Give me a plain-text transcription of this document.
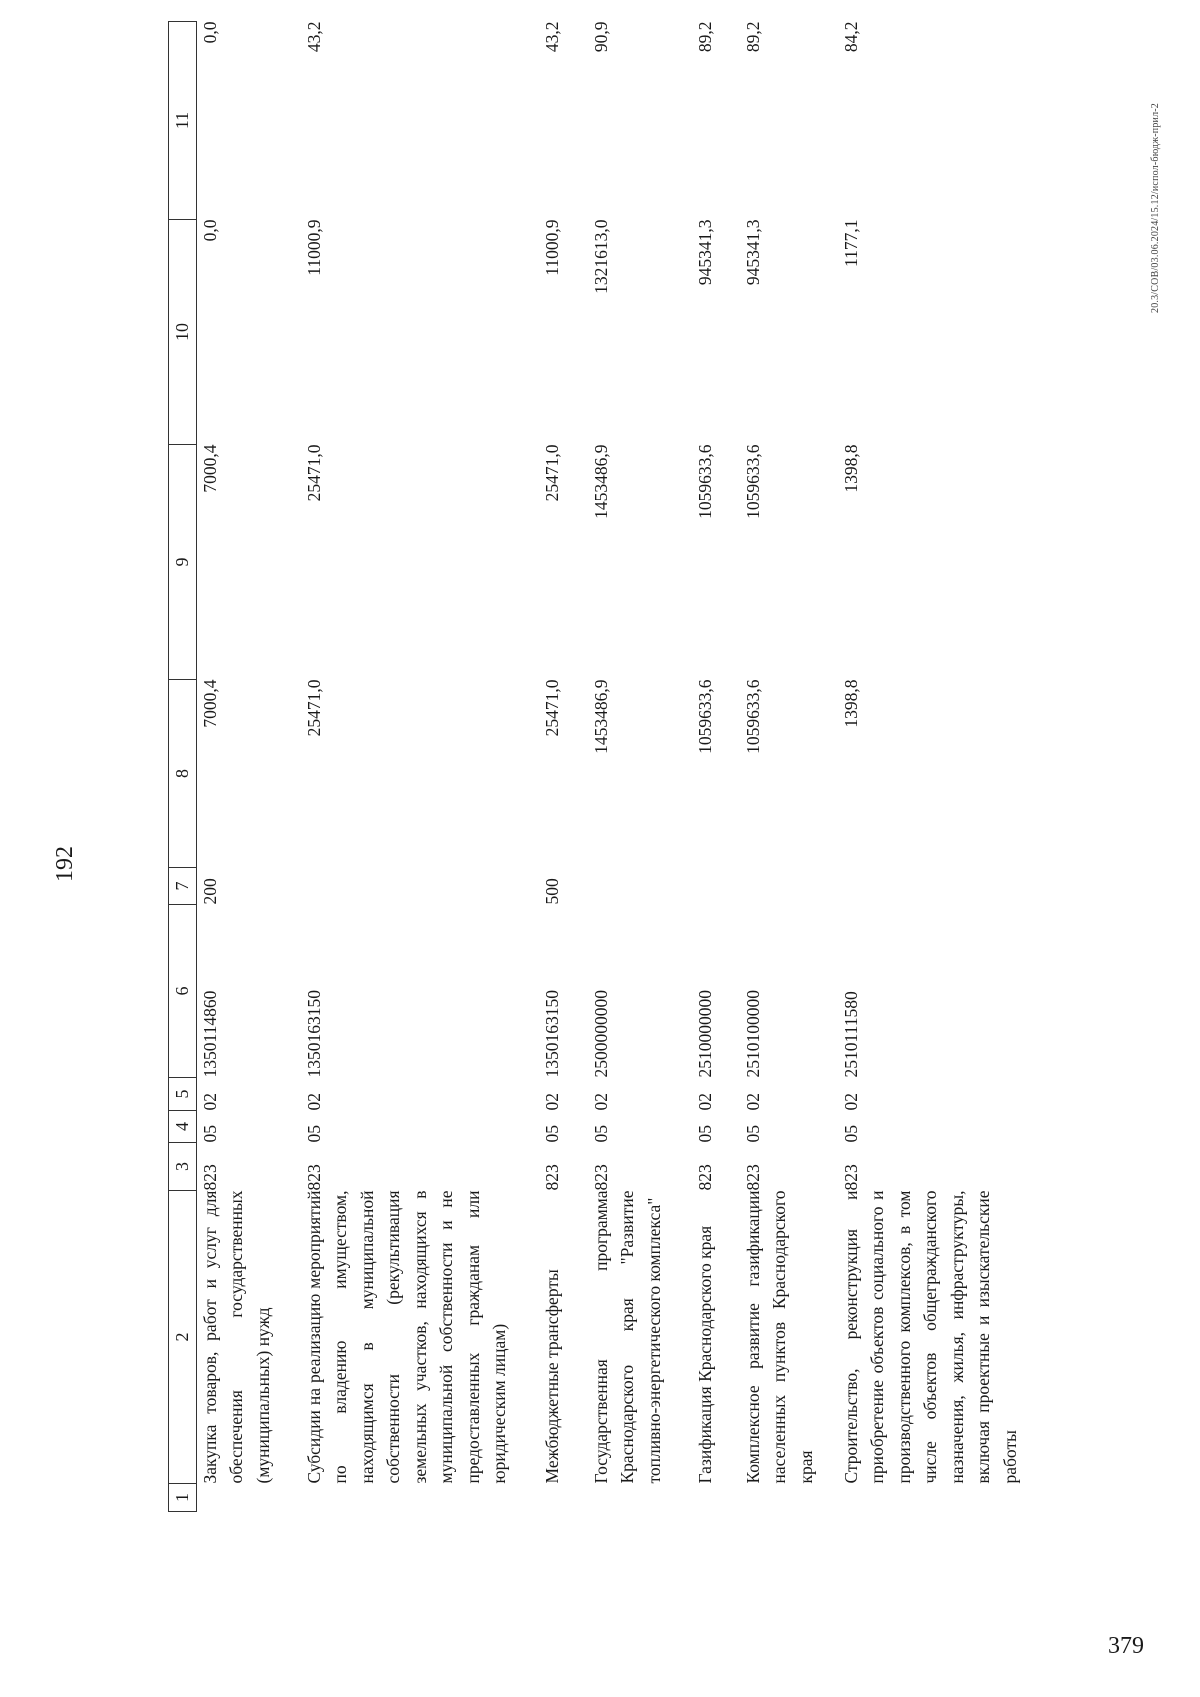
192
1	2	3	4	5	6	7	8	9	10	11
	Закупка товаров, работ и услуг для обеспечения государственных (муниципальных) нужд	823	05	02	1350114860	200	7000,4	7000,4	0,0	0,0
	Субсидии на реализацию мероприятий по владению имуществом, находящимся в муниципальной собственности (рекультивация земельных участков, находящихся в муниципальной собственности и не предоставленных гражданам или юридическим лицам)	823	05	02	1350163150		25471,0	25471,0	11000,9	43,2
	Межбюджетные трансферты	823	05	02	1350163150	500	25471,0	25471,0	11000,9	43,2
	Государственная программа Краснодарского края "Развитие топливно-энергетического комплекса"	823	05	02	2500000000		1453486,9	1453486,9	1321613,0	90,9
	Газификация Краснодарского края	823	05	02	2510000000		1059633,6	1059633,6	945341,3	89,2
	Комплексное развитие газификации населенных пунктов Краснодарского края	823	05	02	2510100000		1059633,6	1059633,6	945341,3	89,2
	Строительство, реконструкция и приобретение объектов социального и производственного комплексов, в том числе объектов общегражданского назначения, жилья, инфраструктуры, включая проектные и изыскательские работы	823	05	02	2510111580		1398,8	1398,8	1177,1	84,2
20.3/СОВ/03.06.2024/15.12/испол-бюдж-прил-2
379
